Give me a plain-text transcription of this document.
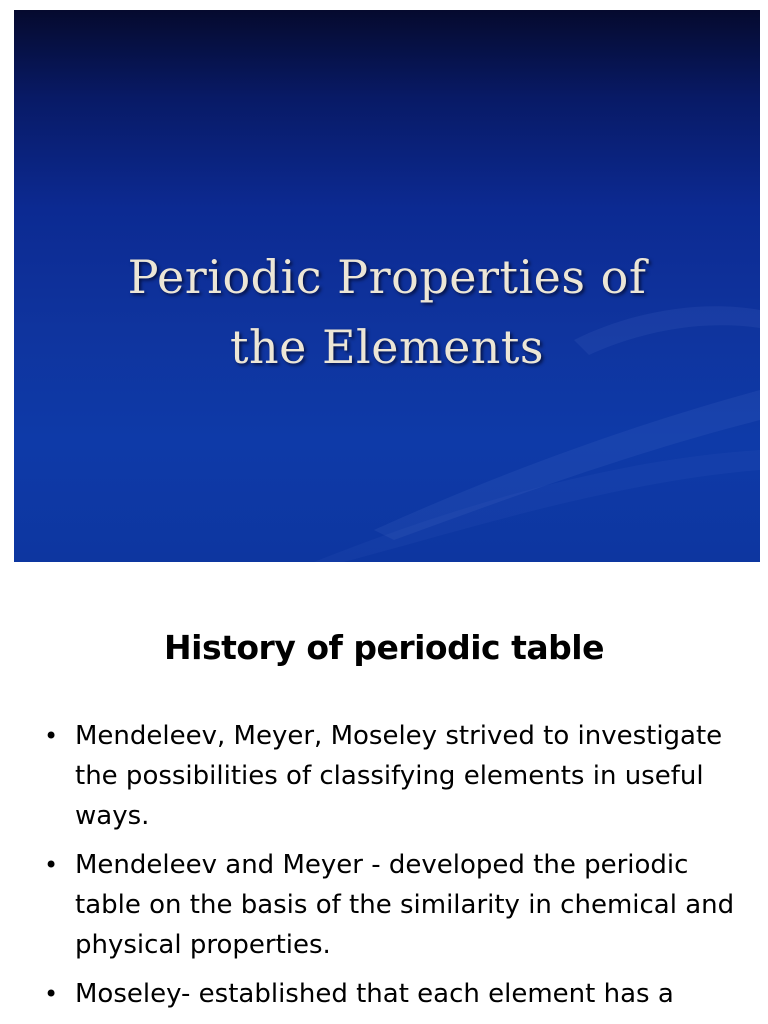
Periodic Properties of
the Elements
History of periodic table
• Mendeleev, Meyer, Moseley strived to investigate the possibilities of classifying elements in useful ways.
• Mendeleev and Meyer - developed the periodic table on the basis of the similarity in chemical and physical properties.
• Moseley- established that each element has a
